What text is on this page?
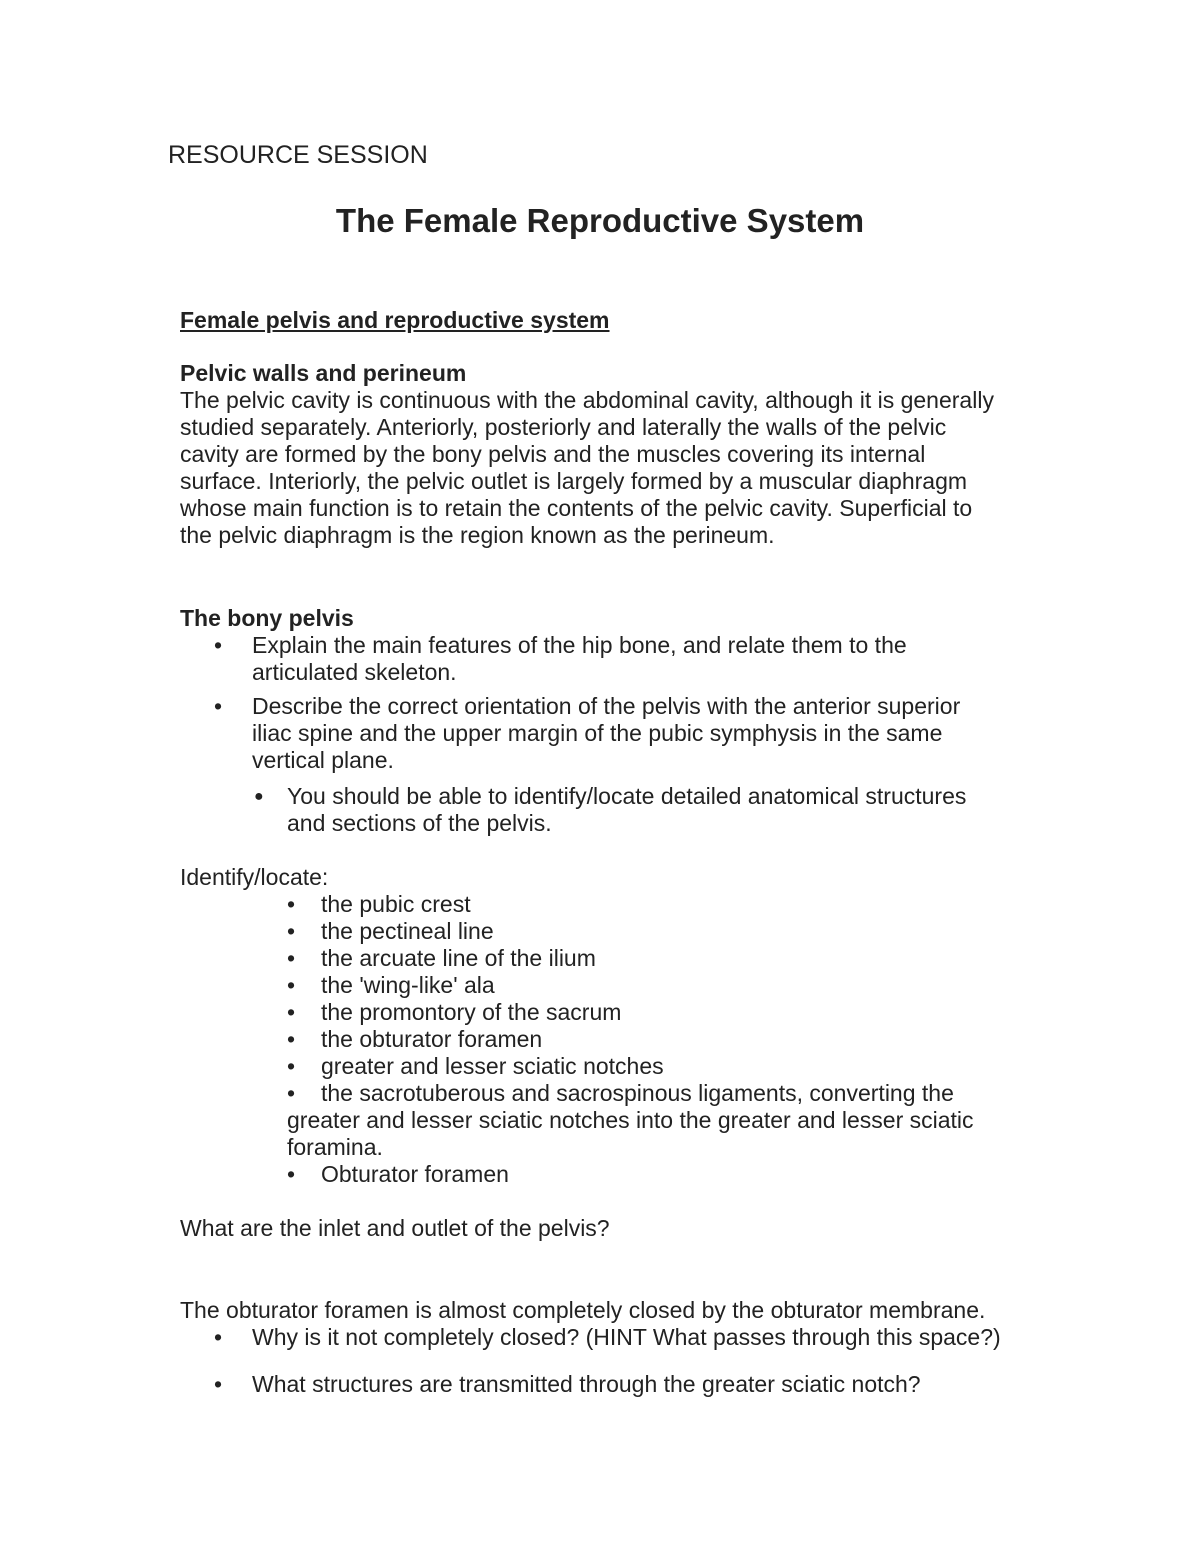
RESOURCE SESSION
The Female Reproductive System
Female pelvis and reproductive system
Pelvic walls and perineum
The pelvic cavity is continuous with the abdominal cavity, although it is generally
studied separately. Anteriorly, posteriorly and laterally the walls of the pelvic
cavity are formed by the bony pelvis and the muscles covering its internal
surface. Interiorly, the pelvic outlet is largely formed by a muscular diaphragm
whose main function is to retain the contents of the pelvic cavity. Superficial to
the pelvic diaphragm is the region known as the perineum.
The bony pelvis
• Explain the main features of the hip bone, and relate them to the
articulated skeleton.
• Describe the correct orientation of the pelvis with the anterior superior
iliac spine and the upper margin of the pubic symphysis in the same
vertical plane.
● You should be able to identify/locate detailed anatomical structures
and sections of the pelvis.
Identify/locate:
• the pubic crest
• the pectineal line
• the arcuate line of the ilium
• the 'wing-like' ala
• the promontory of the sacrum
• the obturator foramen
• greater and lesser sciatic notches
• the sacrotuberous and sacrospinous ligaments, converting the
greater and lesser sciatic notches into the greater and lesser sciatic
foramina.
• Obturator foramen
What are the inlet and outlet of the pelvis?
The obturator foramen is almost completely closed by the obturator membrane.
• Why is it not completely closed? (HINT What passes through this space?)
• What structures are transmitted through the greater sciatic notch?
